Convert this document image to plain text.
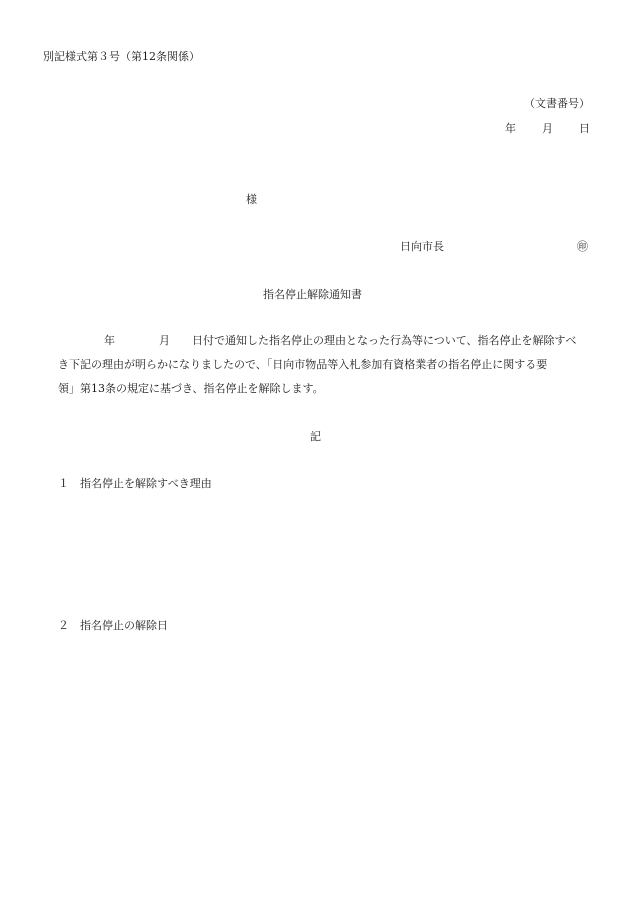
別記様式第３号（第12条関係）
（文書番号）
年 月 日
様
日向市長	㊞
指名停止解除通知書
年	月 日付で通知した指名停止の理由となった行為等について、指名停止を解除すべ
き下記の理由が明らかになりましたので、「日向市物品等入札参加有資格業者の指名停止に関する要
領」第13条の規定に基づき、指名停止を解除します。
記
１ 指名停止を解除すべき理由
２ 指名停止の解除日
